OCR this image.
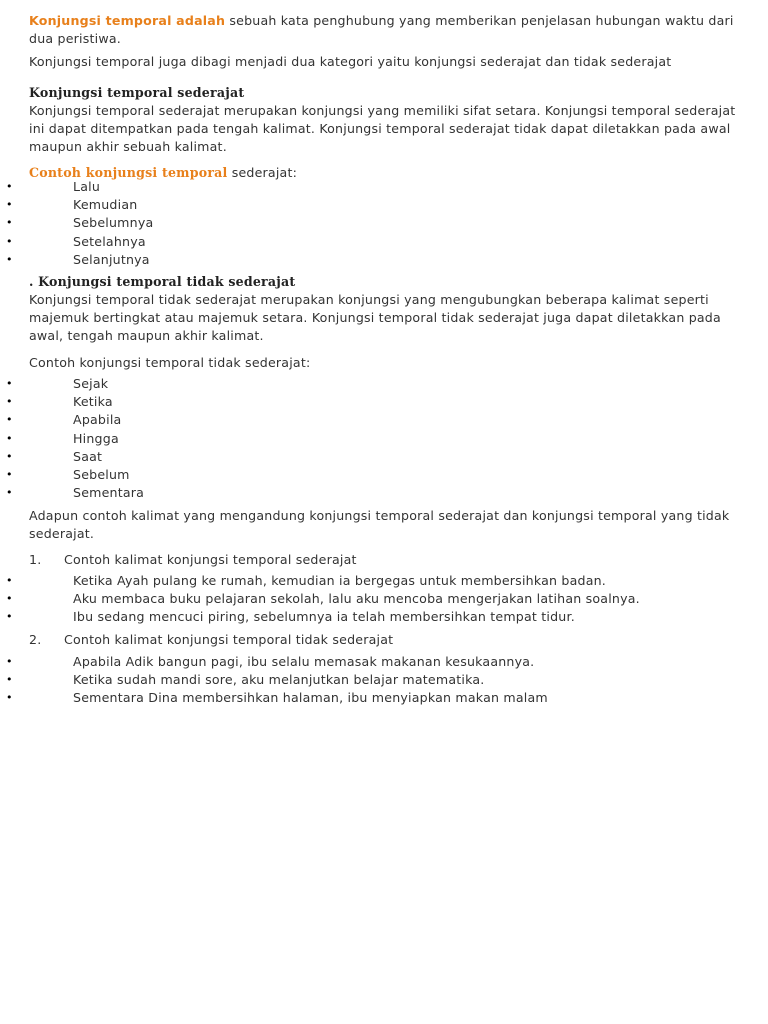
Konjungsi temporal adalah sebuah kata penghubung yang memberikan penjelasan hubungan waktu dari dua peristiwa.

Konjungsi temporal juga dibagi menjadi dua kategori yaitu konjungsi sederajat dan tidak sederajat

Konjungsi temporal sederajat

Konjungsi temporal sederajat merupakan konjungsi yang memiliki sifat setara. Konjungsi temporal sederajat ini dapat ditempatkan pada tengah kalimat. Konjungsi temporal sederajat tidak dapat diletakkan pada awal maupun akhir sebuah kalimat.

Contoh konjungsi temporal sederajat:

•	Lalu
•	Kemudian
•	Sebelumnya
•	Setelahnya
•	Selanjutnya

. Konjungsi temporal tidak sederajat

Konjungsi temporal tidak sederajat merupakan konjungsi yang mengubungkan beberapa kalimat seperti majemuk bertingkat atau majemuk setara. Konjungsi temporal tidak sederajat juga dapat diletakkan pada awal, tengah maupun akhir kalimat.

Contoh konjungsi temporal tidak sederajat:

•	Sejak
•	Ketika
•	Apabila
•	Hingga
•	Saat
•	Sebelum
•	Sementara

Adapun contoh kalimat yang mengandung konjungsi temporal sederajat dan konjungsi temporal yang tidak sederajat.

1. Contoh kalimat konjungsi temporal sederajat
•	Ketika Ayah pulang ke rumah, kemudian ia bergegas untuk membersihkan badan.
•	Aku membaca buku pelajaran sekolah, lalu aku mencoba mengerjakan latihan soalnya.
•	Ibu sedang mencuci piring, sebelumnya ia telah membersihkan tempat tidur.
2. Contoh kalimat konjungsi temporal tidak sederajat
•	Apabila Adik bangun pagi, ibu selalu memasak makanan kesukaannya.
•	Ketika sudah mandi sore, aku melanjutkan belajar matematika.
•	Sementara Dina membersihkan halaman, ibu menyiapkan makan malam
